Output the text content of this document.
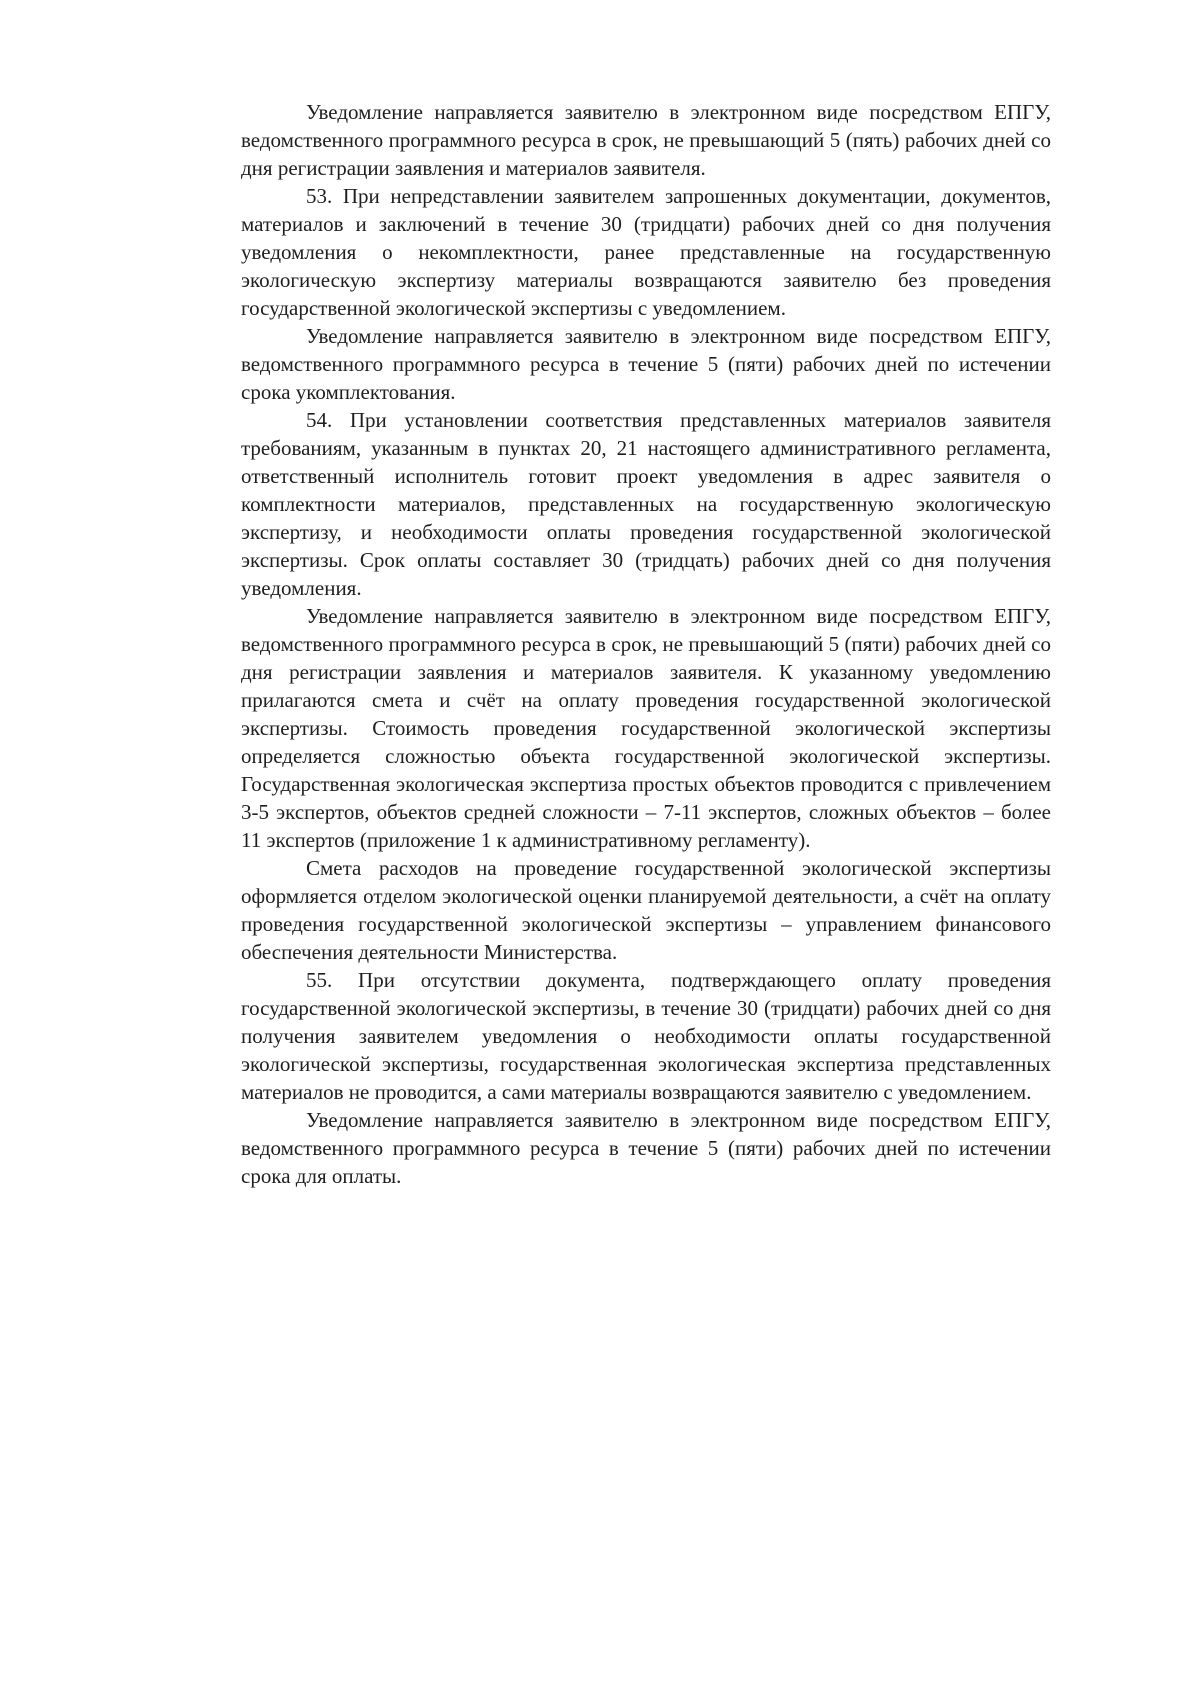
Уведомление направляется заявителю в электронном виде посредством ЕПГУ, ведомственного программного ресурса в срок, не превышающий 5 (пять) рабочих дней со дня регистрации заявления и материалов заявителя.

53. При непредставлении заявителем запрошенных документации, документов, материалов и заключений в течение 30 (тридцати) рабочих дней со дня получения уведомления о некомплектности, ранее представленные на государственную экологическую экспертизу материалы возвращаются заявителю без проведения государственной экологической экспертизы с уведомлением.

Уведомление направляется заявителю в электронном виде посредством ЕПГУ, ведомственного программного ресурса в течение 5 (пяти) рабочих дней по истечении срока укомплектования.

54. При установлении соответствия представленных материалов заявителя требованиям, указанным в пунктах 20, 21 настоящего административного регламента, ответственный исполнитель готовит проект уведомления в адрес заявителя о комплектности материалов, представленных на государственную экологическую экспертизу, и необходимости оплаты проведения государственной экологической экспертизы. Срок оплаты составляет 30 (тридцать) рабочих дней со дня получения уведомления.

Уведомление направляется заявителю в электронном виде посредством ЕПГУ, ведомственного программного ресурса в срок, не превышающий 5 (пяти) рабочих дней со дня регистрации заявления и материалов заявителя. К указанному уведомлению прилагаются смета и счёт на оплату проведения государственной экологической экспертизы. Стоимость проведения государственной экологической экспертизы определяется сложностью объекта государственной экологической экспертизы. Государственная экологическая экспертиза простых объектов проводится с привлечением 3-5 экспертов, объектов средней сложности – 7-11 экспертов, сложных объектов – более 11 экспертов (приложение 1 к административному регламенту).

Смета расходов на проведение государственной экологической экспертизы оформляется отделом экологической оценки планируемой деятельности, а счёт на оплату проведения государственной экологической экспертизы – управлением финансового обеспечения деятельности Министерства.

55. При отсутствии документа, подтверждающего оплату проведения государственной экологической экспертизы, в течение 30 (тридцати) рабочих дней со дня получения заявителем уведомления о необходимости оплаты государственной экологической экспертизы, государственная экологическая экспертиза представленных материалов не проводится, а сами материалы возвращаются заявителю с уведомлением.

Уведомление направляется заявителю в электронном виде посредством ЕПГУ, ведомственного программного ресурса в течение 5 (пяти) рабочих дней по истечении срока для оплаты.
